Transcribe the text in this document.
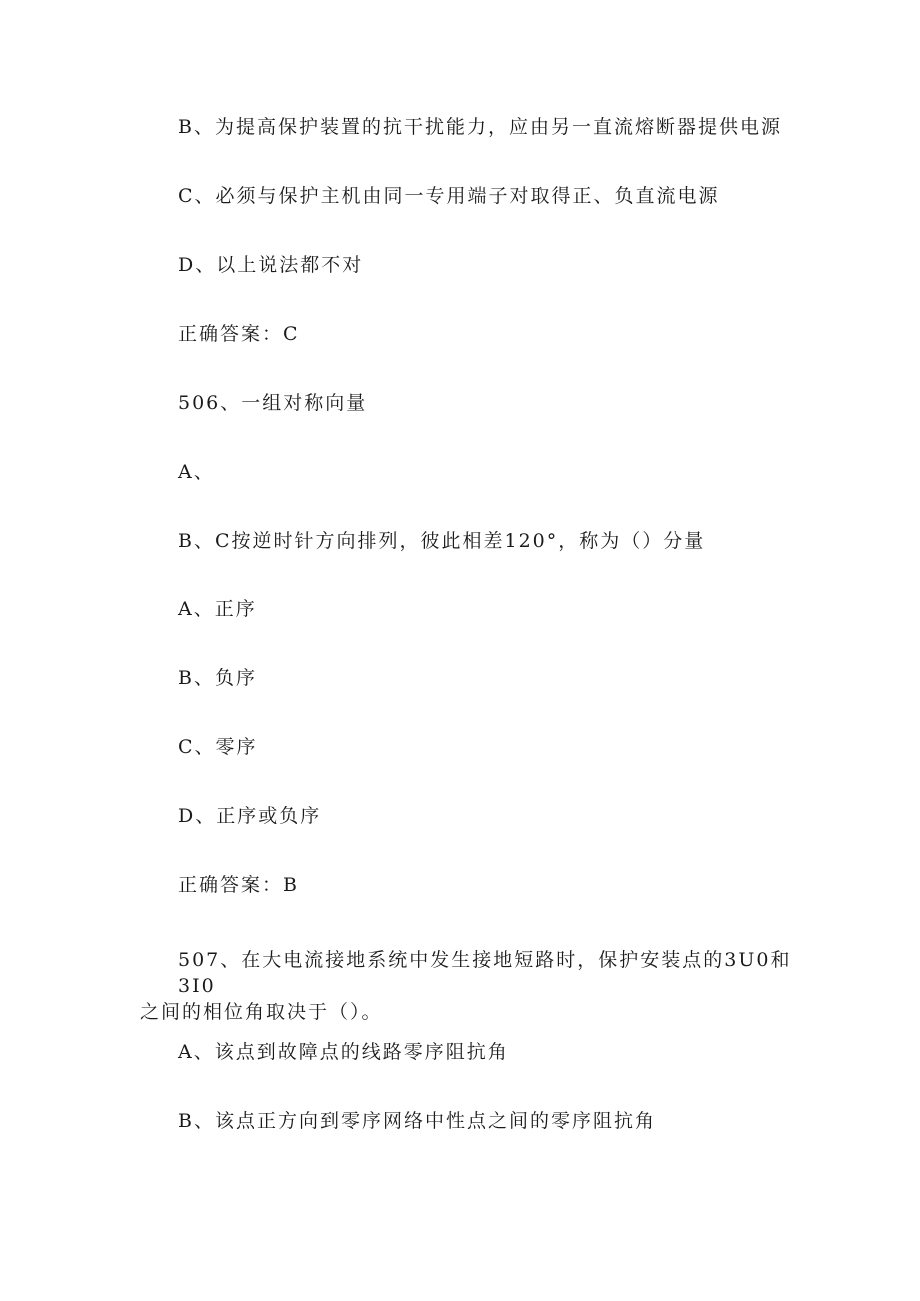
B、为提高保护装置的抗干扰能力，应由另一直流熔断器提供电源
C、必须与保护主机由同一专用端子对取得正、负直流电源
D、以上说法都不对
正确答案：C
506、一组对称向量
A、
B、C按逆时针方向排列，彼此相差120°，称为（）分量
A、正序
B、负序
C、零序
D、正序或负序
正确答案：B
507、在大电流接地系统中发生接地短路时，保护安装点的3U0和3I0
之间的相位角取决于（）。
A、该点到故障点的线路零序阻抗角
B、该点正方向到零序网络中性点之间的零序阻抗角
